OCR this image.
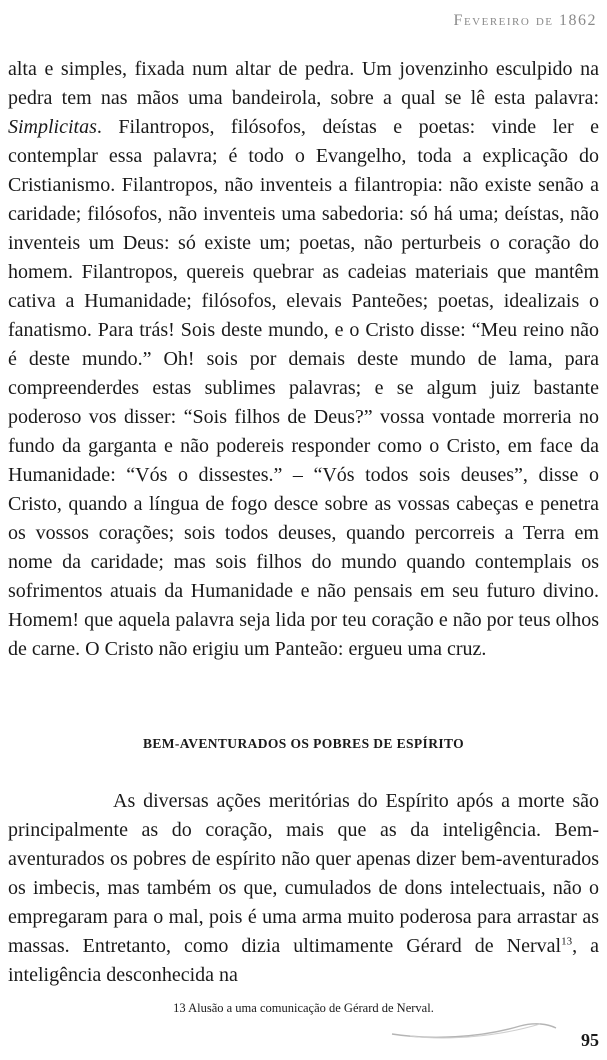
Fevereiro de 1862

alta e simples, fixada num altar de pedra. Um jovenzinho esculpido na pedra tem nas mãos uma bandeirola, sobre a qual se lê esta palavra: Simplicitas. Filantropos, filósofos, deístas e poetas: vinde ler e contemplar essa palavra; é todo o Evangelho, toda a explicação do Cristianismo. Filantropos, não inventeis a filantropia: não existe senão a caridade; filósofos, não inventeis uma sabedoria: só há uma; deístas, não inventeis um Deus: só existe um; poetas, não perturbeis o coração do homem. Filantropos, quereis quebrar as cadeias materiais que mantêm cativa a Humanidade; filósofos, elevais Panteões; poetas, idealizais o fanatismo. Para trás! Sois deste mundo, e o Cristo disse: “Meu reino não é deste mundo.” Oh! sois por demais deste mundo de lama, para compreenderdes estas sublimes palavras; e se algum juiz bastante poderoso vos disser: “Sois filhos de Deus?” vossa vontade morreria no fundo da garganta e não podereis responder como o Cristo, em face da Humanidade: “Vós o dissestes.” – “Vós todos sois deuses”, disse o Cristo, quando a língua de fogo desce sobre as vossas cabeças e penetra os vossos corações; sois todos deuses, quando percorreis a Terra em nome da caridade; mas sois filhos do mundo quando contemplais os sofrimentos atuais da Humanidade e não pensais em seu futuro divino. Homem! que aquela palavra seja lida por teu coração e não por teus olhos de carne. O Cristo não erigiu um Panteão: ergueu uma cruz.

BEM-AVENTURADOS OS POBRES DE ESPÍRITO

As diversas ações meritórias do Espírito após a morte são principalmente as do coração, mais que as da inteligência. Bem-aventurados os pobres de espírito não quer apenas dizer bem-aventurados os imbecis, mas também os que, cumulados de dons intelectuais, não o empregaram para o mal, pois é uma arma muito poderosa para arrastar as massas. Entretanto, como dizia ultimamente Gérard de Nerval$^{13}$, a inteligência desconhecida na

13 Alusão a uma comunicação de Gérard de Nerval.
95
